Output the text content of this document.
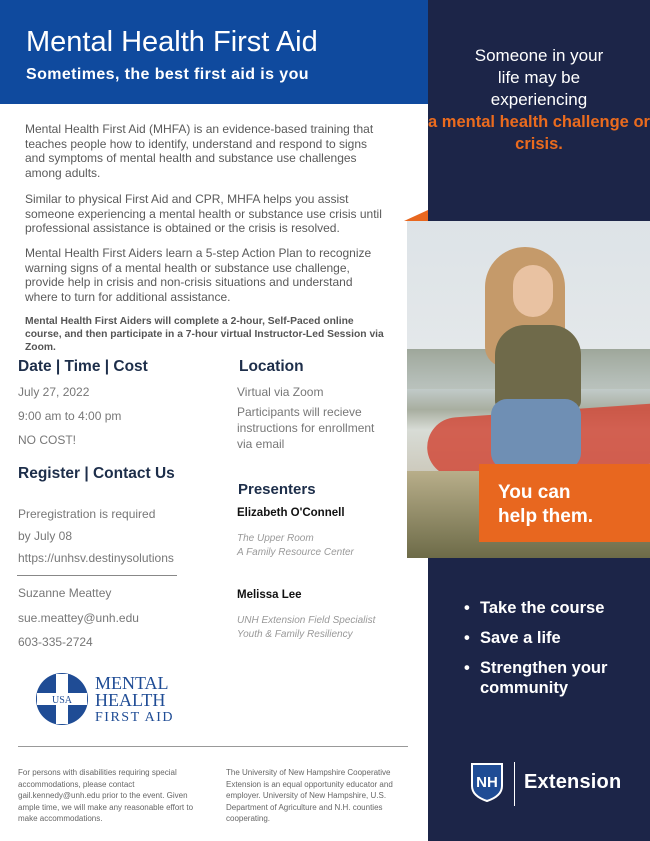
Mental Health First Aid
Sometimes, the best first aid is you
Someone in your
life may be
experiencing
a mental health challenge or crisis.
You can
help them.
• Take the course
• Save a life
• Strengthen your community
NH Extension
Mental Health First Aid (MHFA) is an evidence-based training that teaches people how to identify, understand and respond to signs and symptoms of mental health and substance use challenges among adults.
Similar to physical First Aid and CPR, MHFA helps you assist someone experiencing a mental health or substance use crisis until professional assistance is obtained or the crisis is resolved.
Mental Health First Aiders learn a 5-step Action Plan to recognize warning signs of a mental health or substance use challenge, provide help in crisis and non-crisis situations and understand where to turn for additional assistance.
Mental Health First Aiders will complete a 2-hour, Self-Paced online course, and then participate in a 7-hour virtual Instructor-Led Session via Zoom.
Date | Time | Cost
July 27, 2022
9:00 am to 4:00 pm
NO COST!
Location
Virtual via Zoom
Participants will recieve instructions for enrollment via email
Register | Contact Us
Preregistration is required
by July 08
https://unhsv.destinysolutions
Suzanne Meattey
sue.meattey@unh.edu
603-335-2724
Presenters
Elizabeth O'Connell
The Upper Room
A Family Resource Center
Melissa Lee
UNH Extension Field Specialist
Youth & Family Resiliency
USA
MENTAL
HEALTH
FIRST AID
For persons with disabilities requiring special accommodations, please contact gail.kennedy@unh.edu prior to the event. Given ample time, we will make any reasonable effort to make accommodations.
The University of New Hampshire Cooperative Extension is an equal opportunity educator and employer. University of New Hampshire, U.S. Department of Agriculture and N.H. counties cooperating.
